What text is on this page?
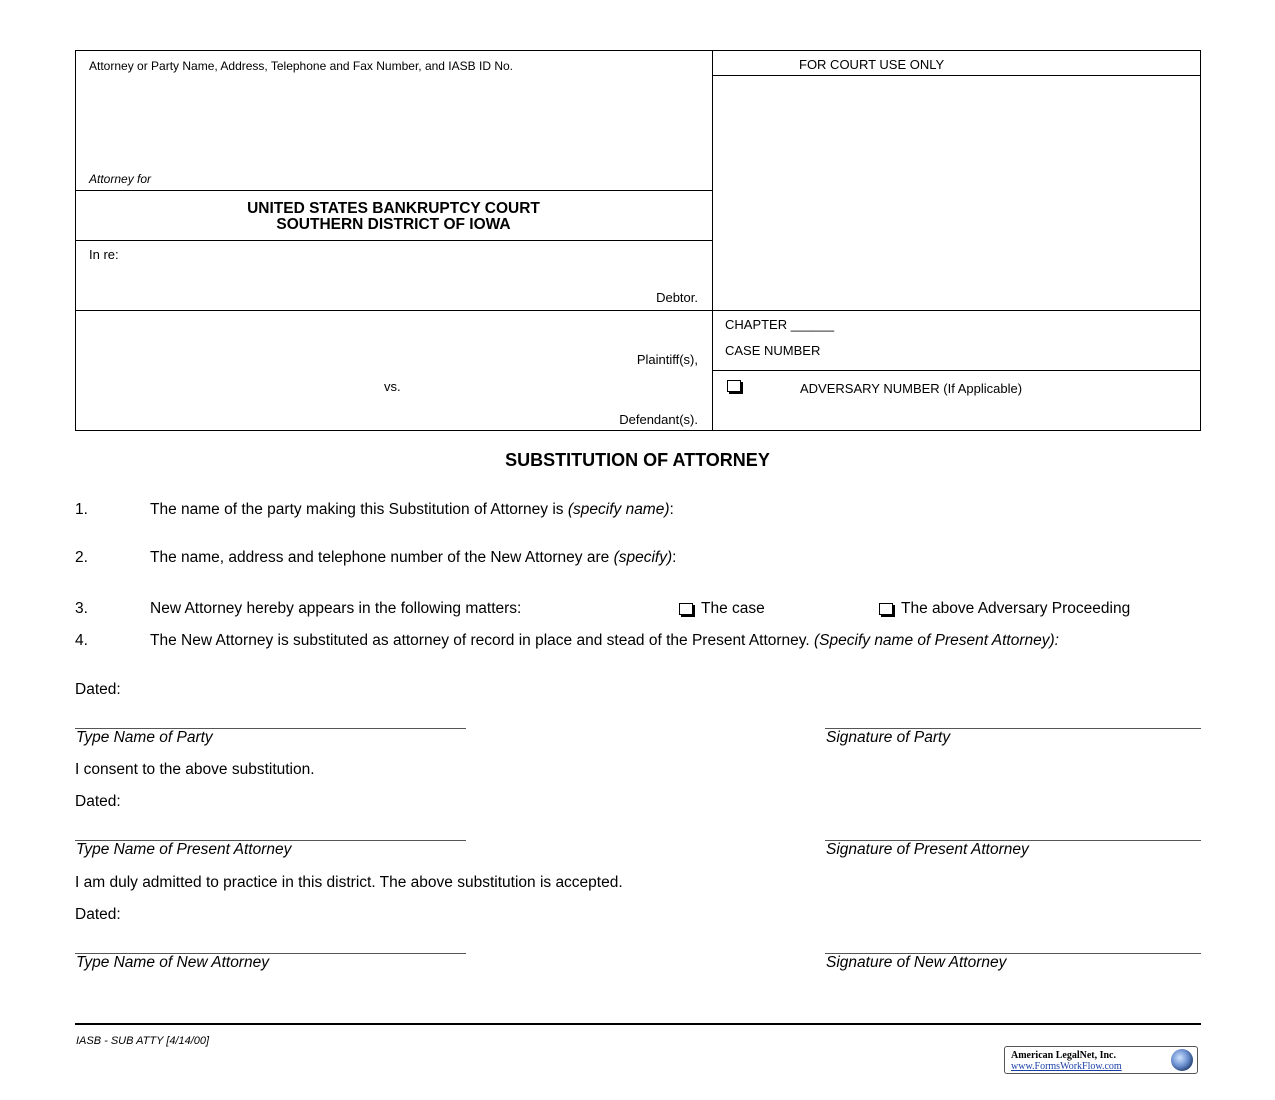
Attorney or Party Name, Address, Telephone and Fax Number, and IASB ID No.
Attorney for
FOR COURT USE ONLY
UNITED STATES BANKRUPTCY COURT
SOUTHERN DISTRICT OF IOWA
In re:
Debtor.
Plaintiff(s),
vs.
Defendant(s).
CHAPTER ______
CASE NUMBER
ADVERSARY NUMBER (If Applicable)
SUBSTITUTION OF ATTORNEY
1.	The name of the party making this Substitution of Attorney is (specify name):
2.	The name, address and telephone number of the New Attorney are (specify):
3.	New Attorney hereby appears in the following matters:	The case	The above Adversary Proceeding
4.	The New Attorney is substituted as attorney of record in place and stead of the Present Attorney. (Specify name of Present Attorney):
Dated:
Type Name of Party	Signature of Party
I consent to the above substitution.
Dated:
Type Name of Present Attorney	Signature of Present Attorney
I am duly admitted to practice in this district. The above substitution is accepted.
Dated:
Type Name of New Attorney	Signature of New Attorney
IASB - SUB ATTY [4/14/00]
American LegalNet, Inc.
www.FormsWorkFlow.com
